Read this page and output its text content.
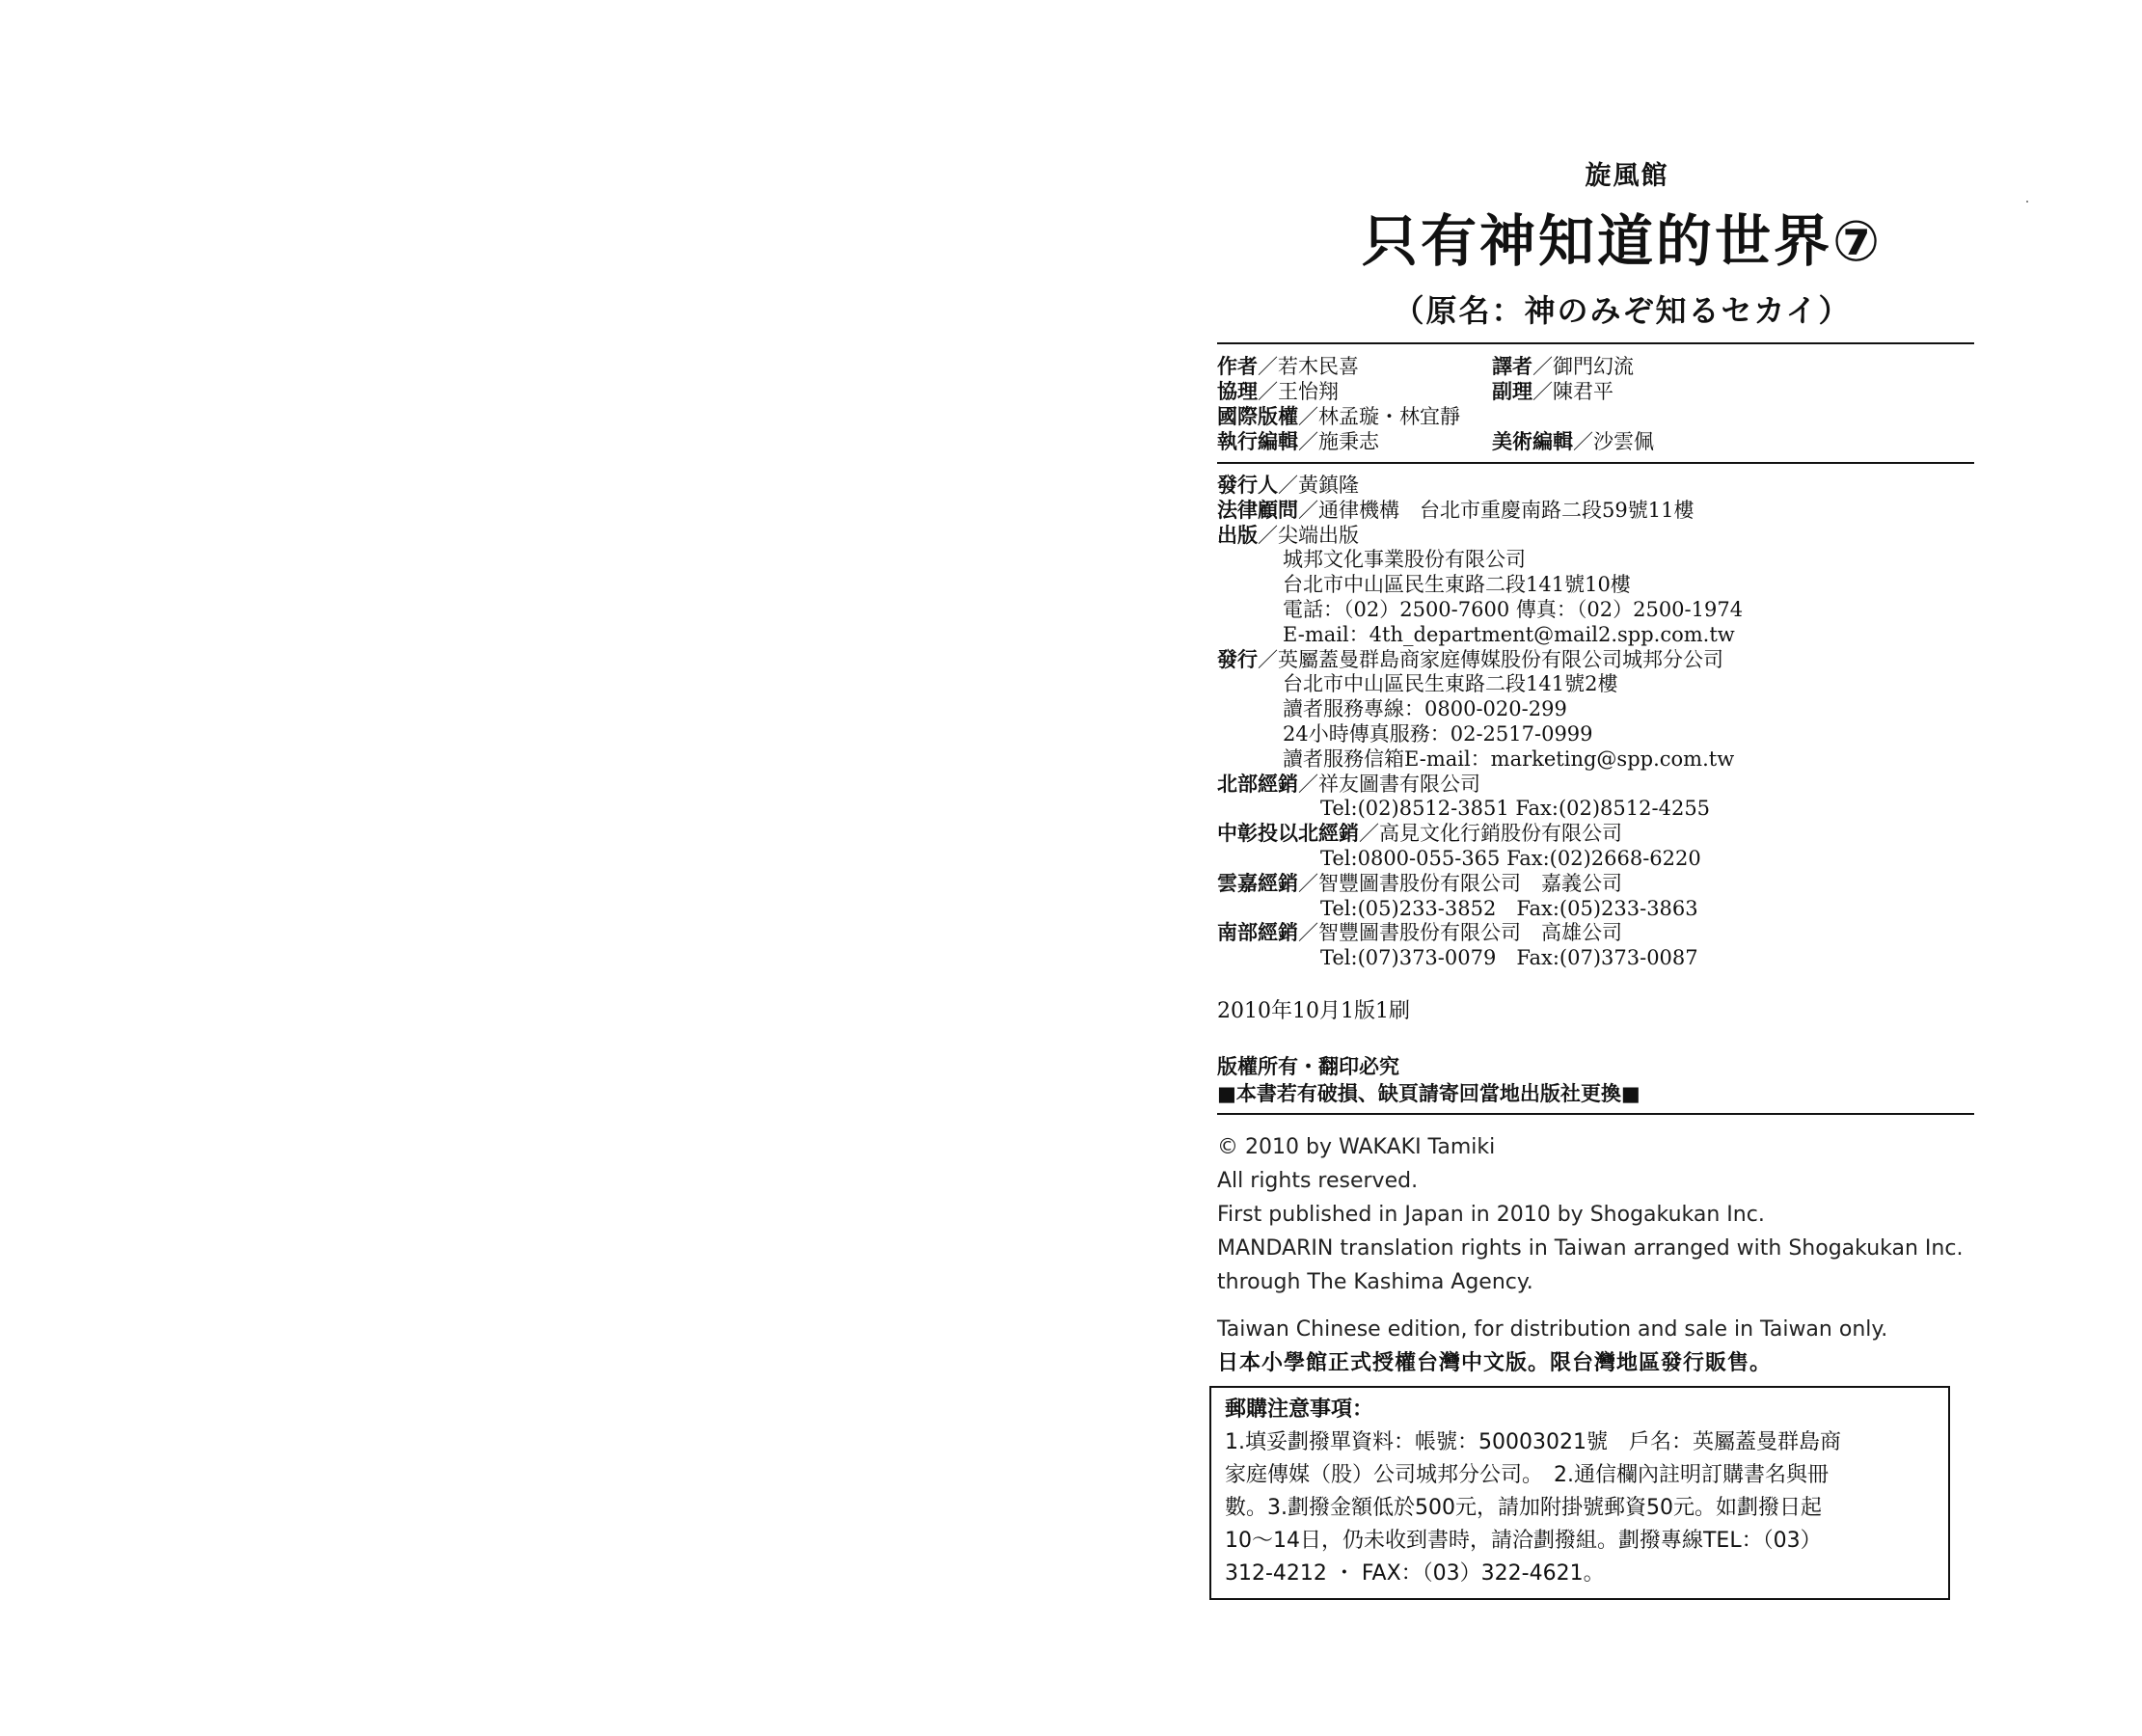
旋風館
只有神知道的世界⑦
（原名：神のみぞ知るセカイ）
作者／若木民喜	譯者／御門幻流
協理／王怡翔	副理／陳君平
國際版權／林孟璇・林宜靜
執行編輯／施秉志	美術編輯／沙雲佩
發行人／黃鎮隆
法律顧問／通律機構　台北市重慶南路二段59號11樓
出版／尖端出版
城邦文化事業股份有限公司
台北市中山區民生東路二段141號10樓
電話：（02）2500-7600 傳真：（02）2500-1974
E-mail：4th_department@mail2.spp.com.tw
發行／英屬蓋曼群島商家庭傳媒股份有限公司城邦分公司
台北市中山區民生東路二段141號2樓
讀者服務專線：0800-020-299
24小時傳真服務：02-2517-0999
讀者服務信箱E-mail：marketing@spp.com.tw
北部經銷／祥友圖書有限公司
Tel:(02)8512-3851 Fax:(02)8512-4255
中彰投以北經銷／高見文化行銷股份有限公司
Tel:0800-055-365 Fax:(02)2668-6220
雲嘉經銷／智豐圖書股份有限公司　嘉義公司
Tel:(05)233-3852　Fax:(05)233-3863
南部經銷／智豐圖書股份有限公司　高雄公司
Tel:(07)373-0079　Fax:(07)373-0087
2010年10月1版1刷
版權所有・翻印必究
■本書若有破損、缺頁請寄回當地出版社更換■
© 2010 by WAKAKI Tamiki
All rights reserved.
First published in Japan in 2010 by Shogakukan Inc.
MANDARIN translation rights in Taiwan arranged with Shogakukan Inc.
through The Kashima Agency.
Taiwan Chinese edition, for distribution and sale in Taiwan only.
日本小學館正式授權台灣中文版。限台灣地區發行販售。
郵購注意事項：
1.填妥劃撥單資料：帳號：50003021號　戶名：英屬蓋曼群島商
家庭傳媒（股）公司城邦分公司。　2.通信欄內註明訂購書名與冊
數。3.劃撥金額低於500元，請加附掛號郵資50元。如劃撥日起
10～14日，仍未收到書時，請洽劃撥組。劃撥專線TEL：（03）
312-4212 ・ FAX：（03）322-4621。
